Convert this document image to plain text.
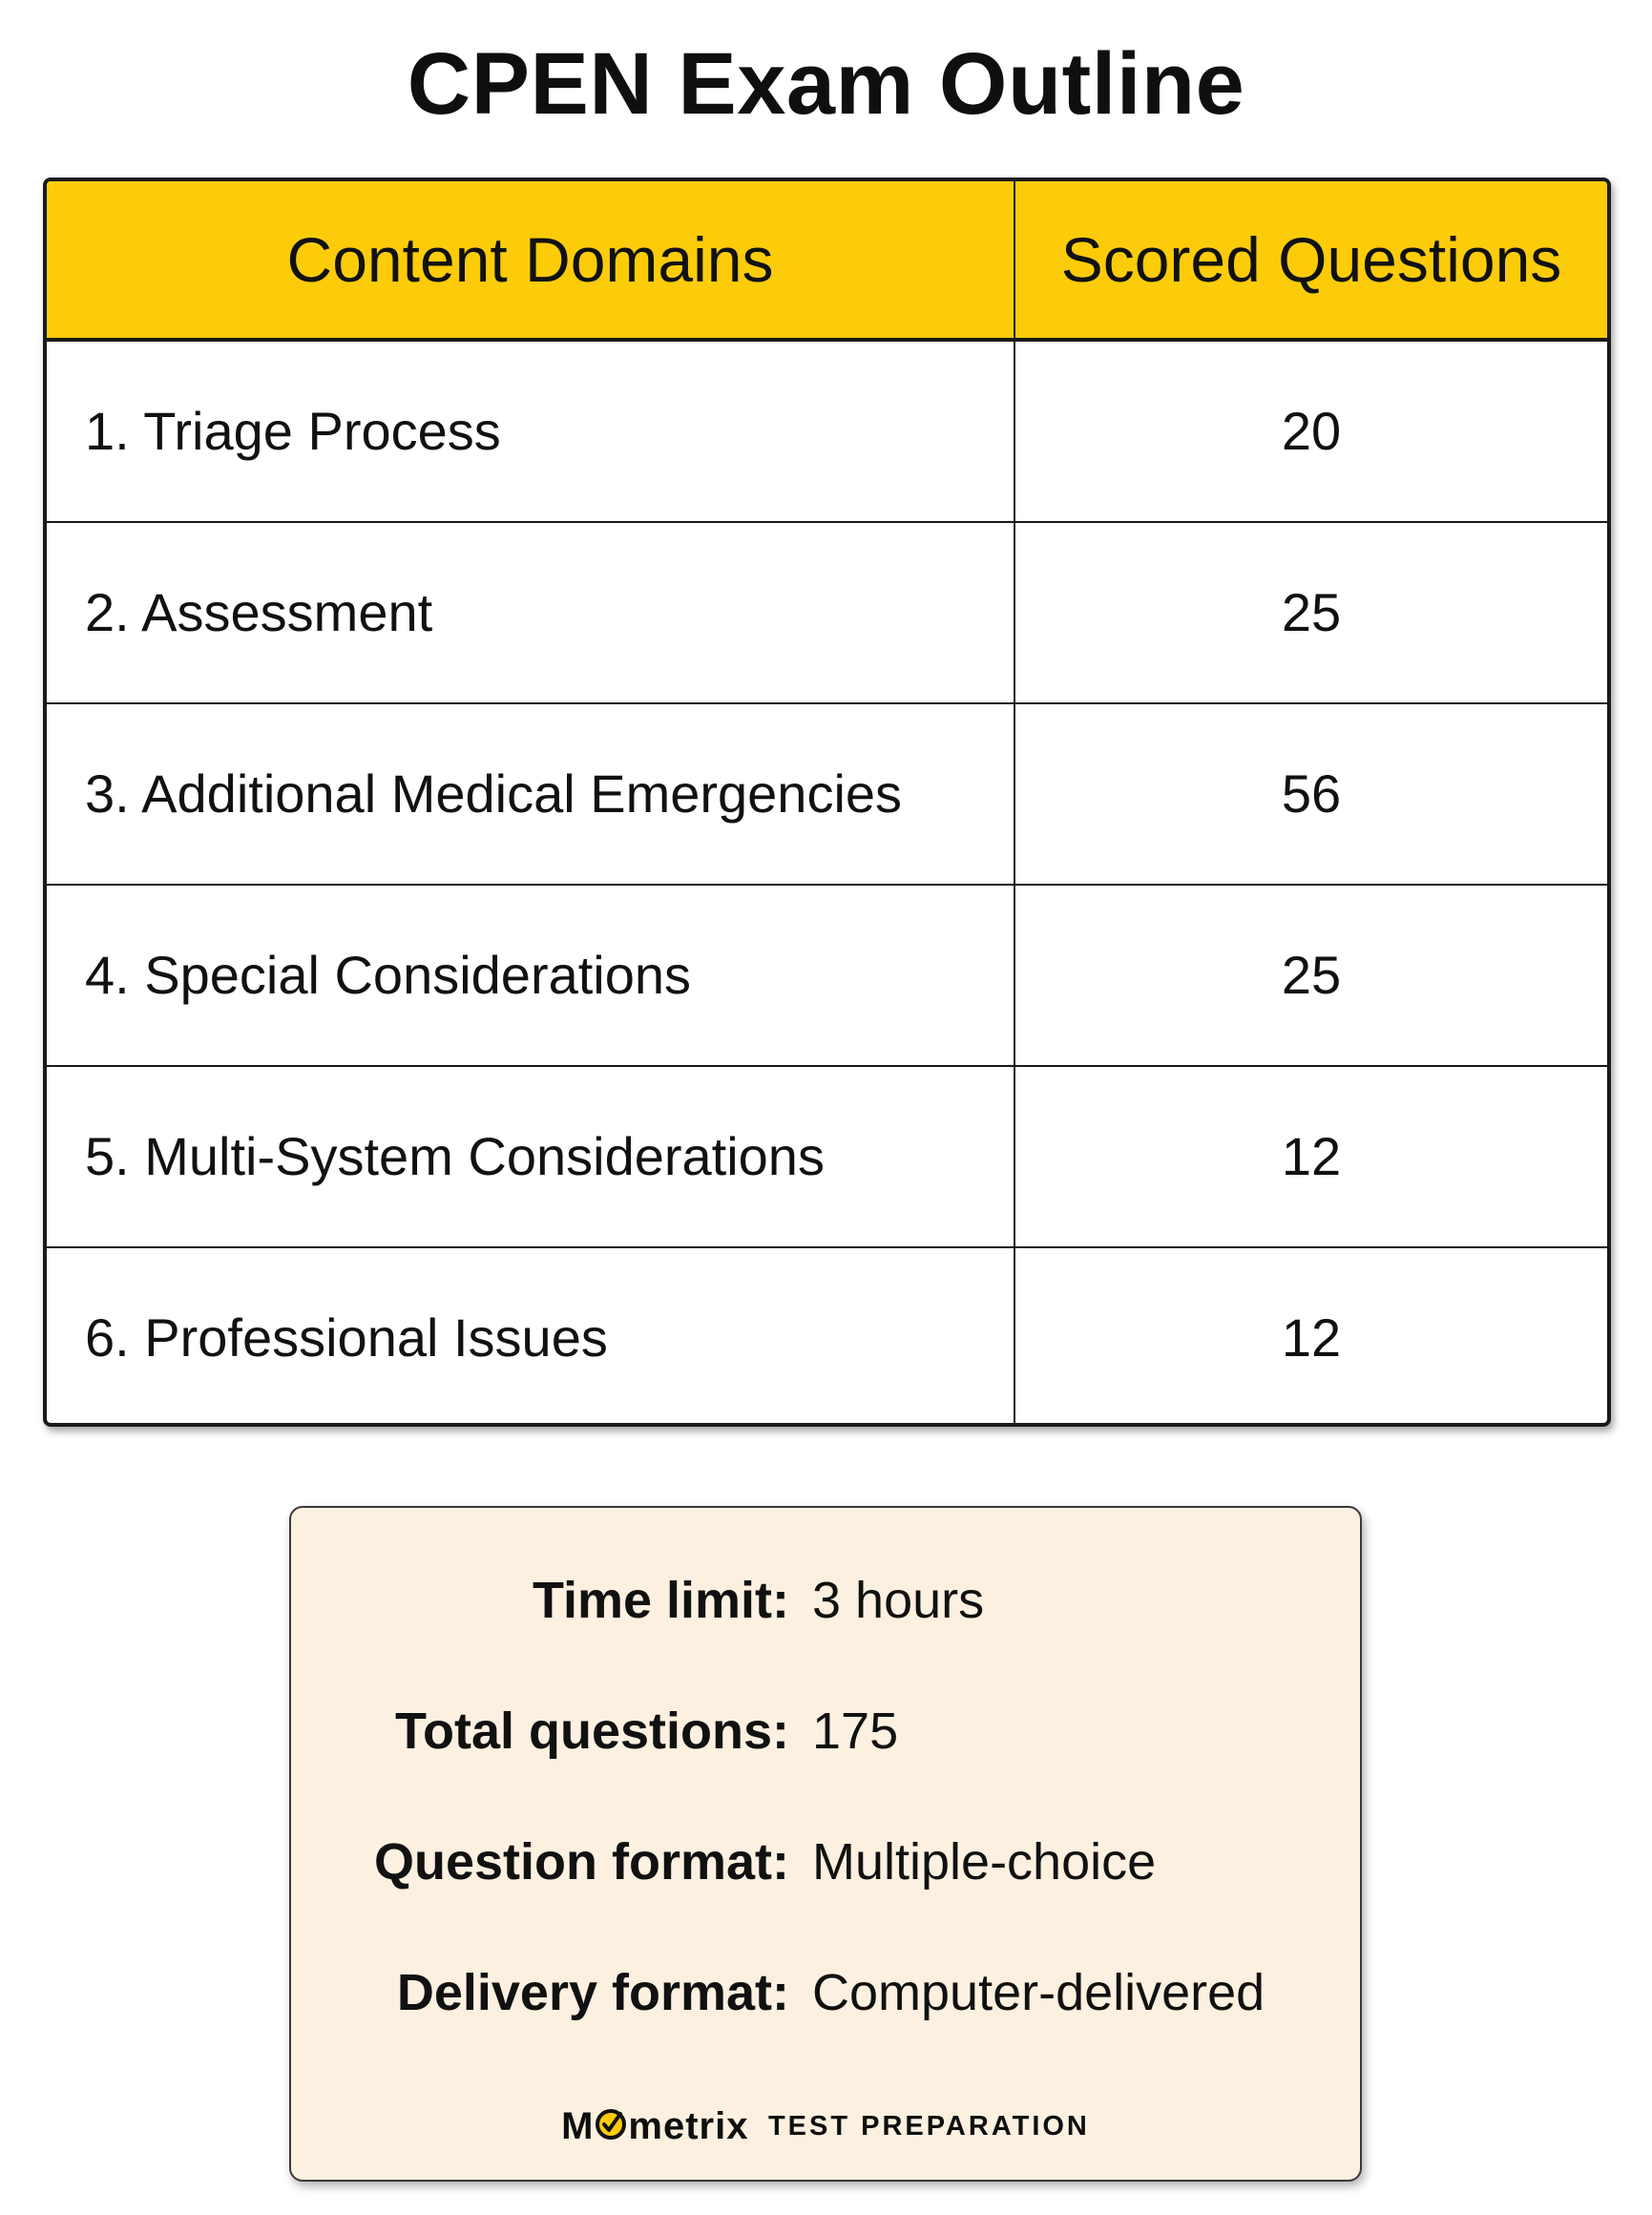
CPEN Exam Outline
Content Domains	Scored Questions
1. Triage Process	20
2. Assessment	25
3. Additional Medical Emergencies	56
4. Special Considerations	25
5. Multi-System Considerations	12
6. Professional Issues	12
Time limit: 3 hours
Total questions: 175
Question format: Multiple-choice
Delivery format: Computer-delivered
M metrix TEST PREPARATION
